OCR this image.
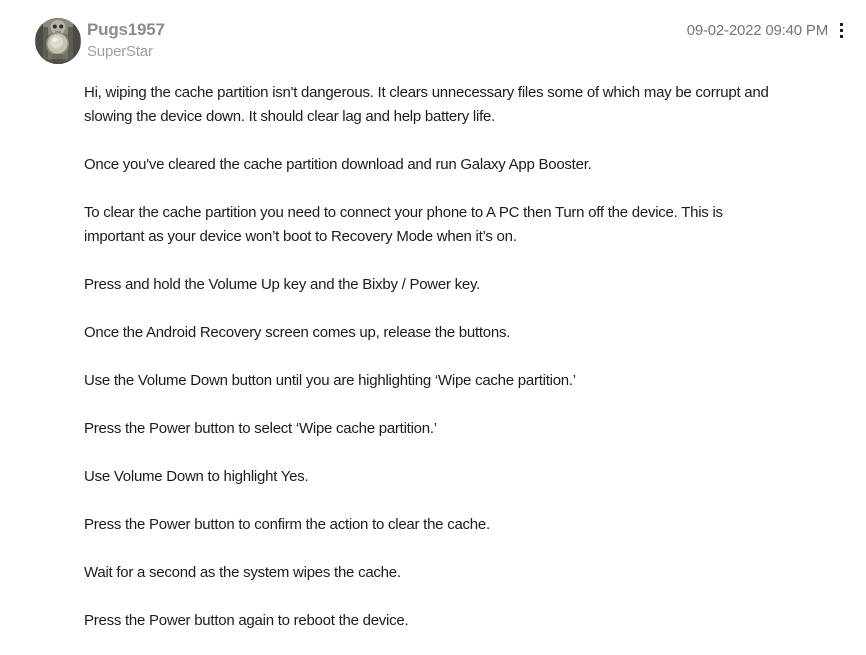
Pugs1957
SuperStar
09-02-2022 09:40 PM
Hi, wiping the cache partition isn't dangerous. It clears unnecessary files some of which may be corrupt and
slowing the device down. It should clear lag and help battery life.
Once you've cleared the cache partition download and run Galaxy App Booster.
To clear the cache partition you need to connect your phone to A PC then Turn off the device. This is
important as your device won’t boot to Recovery Mode when it’s on.
Press and hold the Volume Up key and the Bixby / Power key.
Once the Android Recovery screen comes up, release the buttons.
Use the Volume Down button until you are highlighting ‘Wipe cache partition.’
Press the Power button to select ‘Wipe cache partition.’
Use Volume Down to highlight Yes.
Press the Power button to confirm the action to clear the cache.
Wait for a second as the system wipes the cache.
Press the Power button again to reboot the device.
